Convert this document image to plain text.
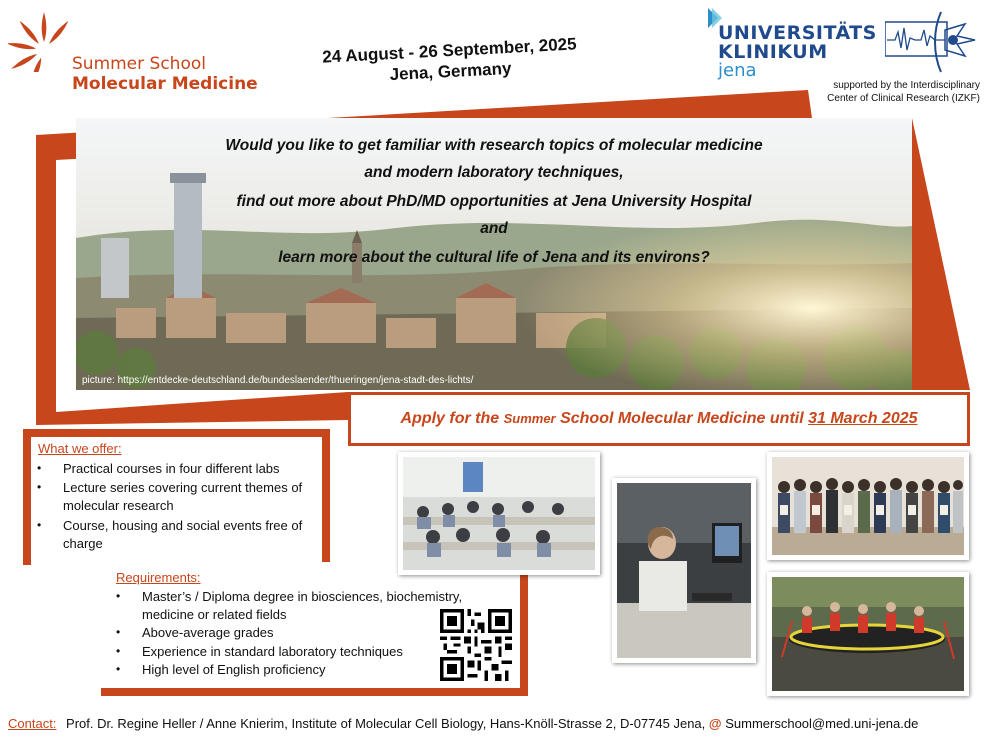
Summer School
Molecular Medicine
24 August - 26 September, 2025
Jena, Germany
UNIVERSITÄTS
KLINIKUM
jena
supported by the Interdisciplinary
Center of Clinical Research (IZKF)

Would you like to get familiar with research topics of molecular medicine

and modern laboratory techniques,

find out more about PhD/MD opportunities at Jena University Hospital

and

learn more about the cultural life of Jena and its environs?

picture: https://entdecke-deutschland.de/bundeslaender/thueringen/jena-stadt-des-lichts/
Apply for the Summer School Molecular Medicine until 31 March 2025
What we offer:
• Practical courses in four different labs
• Lecture series covering current themes of molecular research
• Course, housing and social events free of charge
Requirements:
• Master’s / Diploma degree in biosciences, biochemistry, medicine or related fields
• Above-average grades
• Experience in standard laboratory techniques
• High level of English proficiency
Contact: Prof. Dr. Regine Heller / Anne Knierim, Institute of Molecular Cell Biology, Hans-Knöll-Strasse 2, D-07745 Jena, @ Summerschool@med.uni-jena.de
